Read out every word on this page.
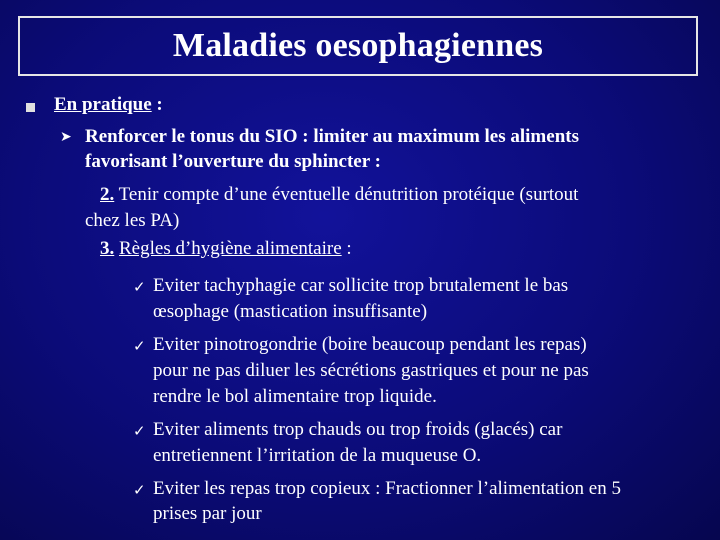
Maladies oesophagiennes
En pratique :
➤ Renforcer le tonus du SIO : limiter au maximum les aliments
favorisant l’ouverture du sphincter :
2. Tenir compte d’une éventuelle dénutrition protéique (surtout
chez les PA)
3. Règles d’hygiène alimentaire :
✓ Eviter tachyphagie car sollicite trop brutalement le bas
œsophage (mastication insuffisante)
✓ Eviter pinotrogondrie (boire beaucoup pendant les repas)
pour ne pas diluer les sécrétions gastriques et pour ne pas
rendre le bol alimentaire trop liquide.
✓ Eviter aliments trop chauds ou trop froids (glacés) car
entretiennent l’irritation de la muqueuse O.
✓ Eviter les repas trop copieux : Fractionner l’alimentation en 5
prises par jour
